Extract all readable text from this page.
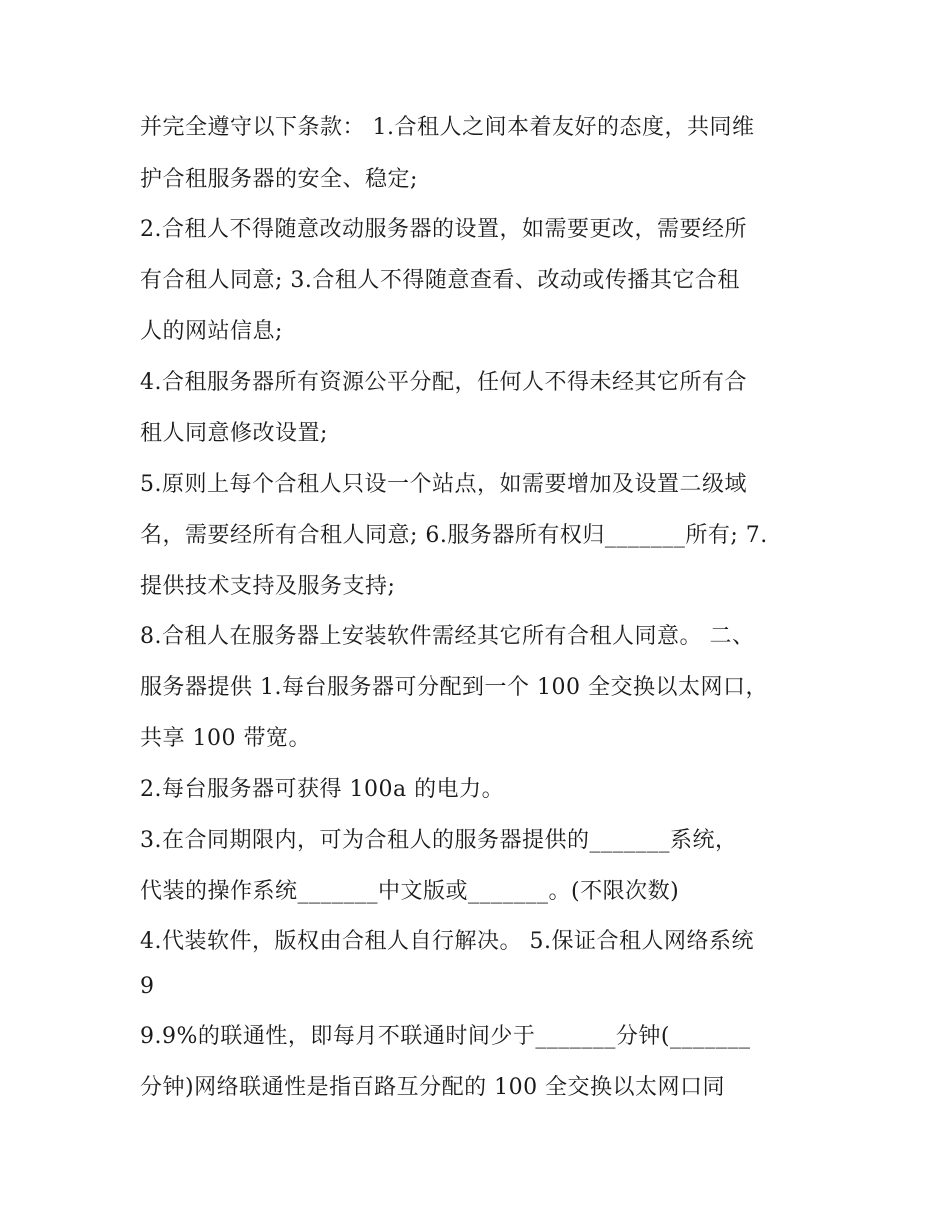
并完全遵守以下条款： 1.合租人之间本着友好的态度，共同维
护合租服务器的安全、稳定;
2.合租人不得随意改动服务器的设置，如需要更改，需要经所
有合租人同意; 3.合租人不得随意查看、改动或传播其它合租
人的网站信息;
4.合租服务器所有资源公平分配，任何人不得未经其它所有合
租人同意修改设置;
5.原则上每个合租人只设一个站点，如需要增加及设置二级域
名，需要经所有合租人同意; 6.服务器所有权归_______所有; 7.
提供技术支持及服务支持;
8.合租人在服务器上安装软件需经其它所有合租人同意。 二、
服务器提供 1.每台服务器可分配到一个 100 全交换以太网口，
共享 100 带宽。
2.每台服务器可获得 100a 的电力。
3.在合同期限内，可为合租人的服务器提供的_______系统，
代装的操作系统_______中文版或_______。(不限次数)
4.代装软件，版权由合租人自行解决。 5.保证合租人网络系统
9
9.9%的联通性，即每月不联通时间少于_______分钟(_______
分钟)网络联通性是指百路互分配的 100 全交换以太网口同
